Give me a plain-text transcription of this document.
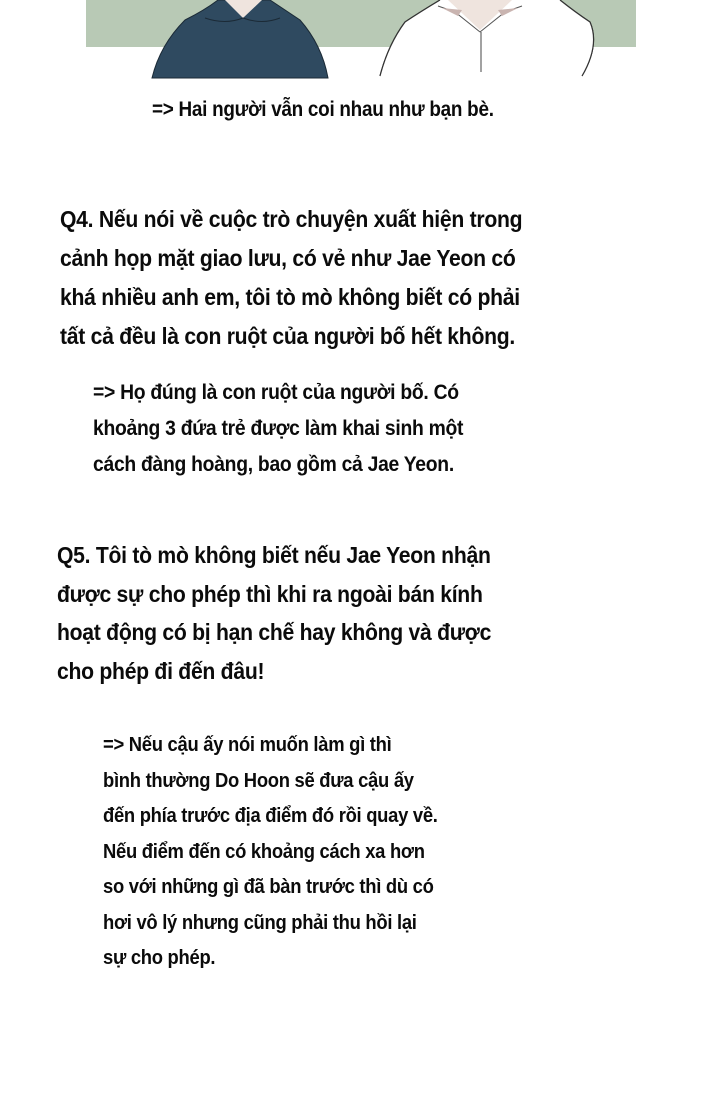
=> Hai người vẫn coi nhau như bạn bè.
Q4. Nếu nói về cuộc trò chuyện xuất hiện trong
cảnh họp mặt giao lưu, có vẻ như Jae Yeon có
khá nhiều anh em, tôi tò mò không biết có phải
tất cả đều là con ruột của người bố hết không.
=> Họ đúng là con ruột của người bố. Có
khoảng 3 đứa trẻ được làm khai sinh một
cách đàng hoàng, bao gồm cả Jae Yeon.
Q5. Tôi tò mò không biết nếu Jae Yeon nhận
được sự cho phép thì khi ra ngoài bán kính
hoạt động có bị hạn chế hay không và được
cho phép đi đến đâu!
=> Nếu cậu ấy nói muốn làm gì thì
bình thường Do Hoon sẽ đưa cậu ấy
đến phía trước địa điểm đó rồi quay về.
Nếu điểm đến có khoảng cách xa hơn
so với những gì đã bàn trước thì dù có
hơi vô lý nhưng cũng phải thu hồi lại
sự cho phép.
